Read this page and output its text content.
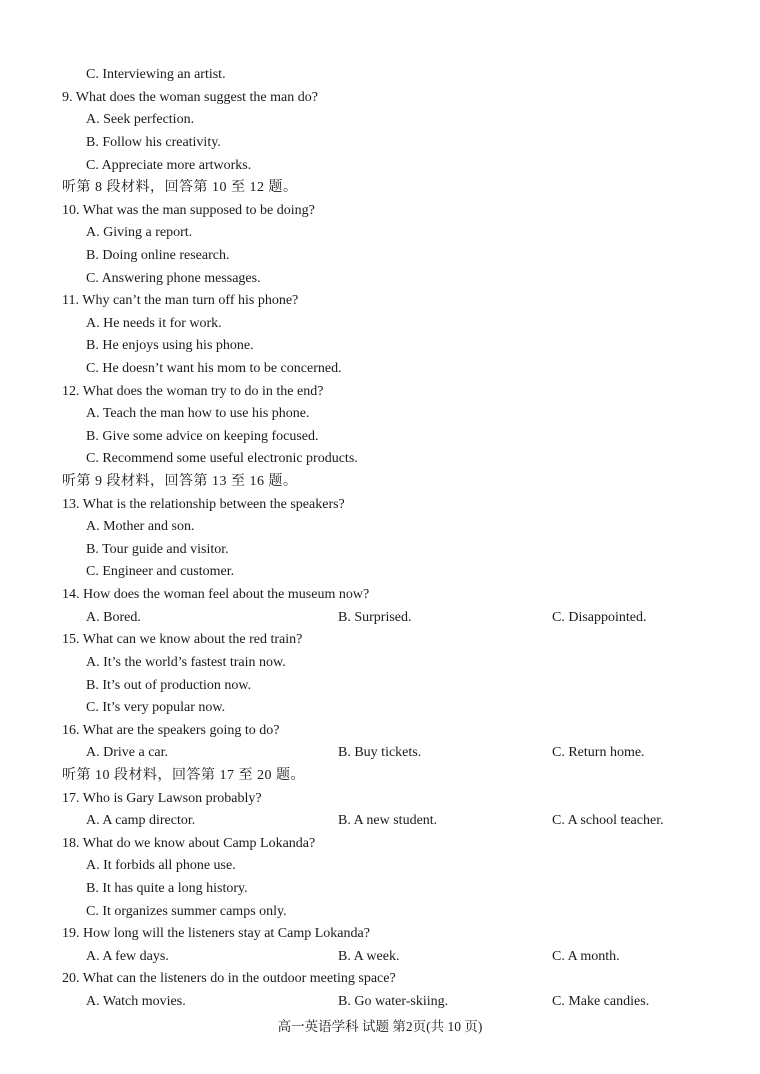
C. Interviewing an artist.
9. What does the woman suggest the man do?
A. Seek perfection.
B. Follow his creativity.
C. Appreciate more artworks.
听第 8 段材料，回答第 10 至 12 题。
10. What was the man supposed to be doing?
A. Giving a report.
B. Doing online research.
C. Answering phone messages.
11. Why can’t the man turn off his phone?
A. He needs it for work.
B. He enjoys using his phone.
C. He doesn’t want his mom to be concerned.
12. What does the woman try to do in the end?
A. Teach the man how to use his phone.
B. Give some advice on keeping focused.
C. Recommend some useful electronic products.
听第 9 段材料，回答第 13 至 16 题。
13. What is the relationship between the speakers?
A. Mother and son.
B. Tour guide and visitor.
C. Engineer and customer.
14. How does the woman feel about the museum now?
A. Bored.	B. Surprised.	C. Disappointed.
15. What can we know about the red train?
A. It’s the world’s fastest train now.
B. It’s out of production now.
C. It’s very popular now.
16. What are the speakers going to do?
A. Drive a car.	B. Buy tickets.	C. Return home.
听第 10 段材料，回答第 17 至 20 题。
17. Who is Gary Lawson probably?
A. A camp director.	B. A new student.	C. A school teacher.
18. What do we know about Camp Lokanda?
A. It forbids all phone use.
B. It has quite a long history.
C. It organizes summer camps only.
19. How long will the listeners stay at Camp Lokanda?
A. A few days.	B. A week.	C. A month.
20. What can the listeners do in the outdoor meeting space?
A. Watch movies.	B. Go water-skiing.	C. Make candies.
高一英语学科 试题 第2页(共 10 页)
